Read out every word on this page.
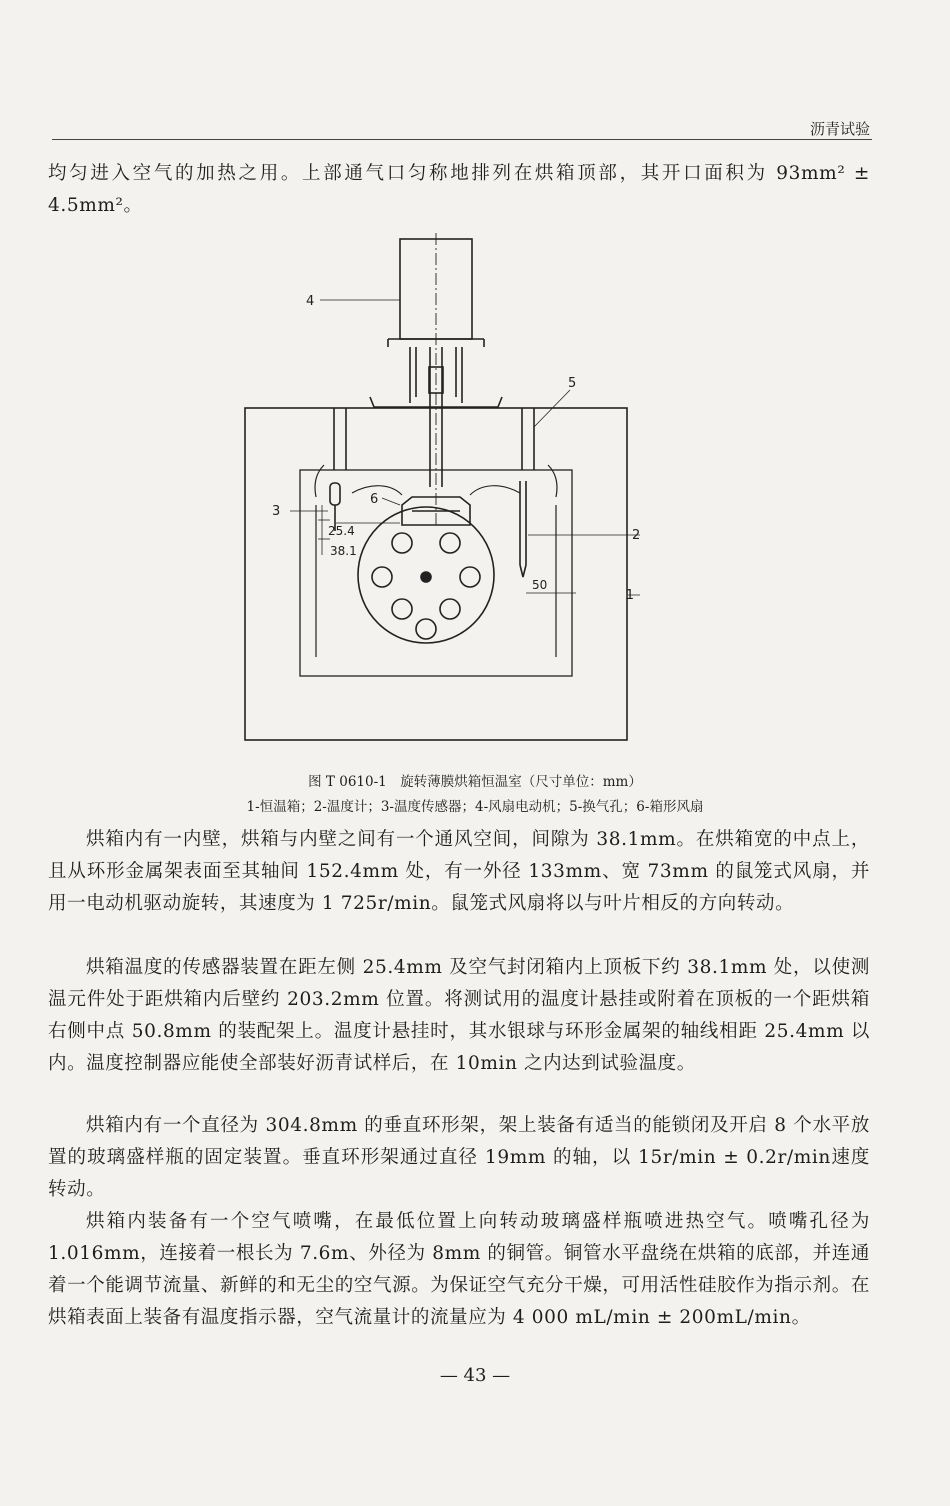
沥青试验

均匀进入空气的加热之用。上部通气口匀称地排列在烘箱顶部，其开口面积为 93mm² ± 4.5mm²。

4
5
3
6
2
1
25.4
38.1
50

图 T 0610-1　旋转薄膜烘箱恒温室（尺寸单位：mm）

1-恒温箱；2-温度计；3-温度传感器；4-风扇电动机；5-换气孔；6-箱形风扇

烘箱内有一内壁，烘箱与内壁之间有一个通风空间，间隙为 38.1mm。在烘箱宽的中点上，且从环形金属架表面至其轴间 152.4mm 处，有一外径 133mm、宽 73mm 的鼠笼式风扇，并用一电动机驱动旋转，其速度为 1 725r/min。鼠笼式风扇将以与叶片相反的方向转动。

烘箱温度的传感器装置在距左侧 25.4mm 及空气封闭箱内上顶板下约 38.1mm 处，以使测温元件处于距烘箱内后壁约 203.2mm 位置。将测试用的温度计悬挂或附着在顶板的一个距烘箱右侧中点 50.8mm 的装配架上。温度计悬挂时，其水银球与环形金属架的轴线相距 25.4mm 以内。温度控制器应能使全部装好沥青试样后，在 10min 之内达到试验温度。

烘箱内有一个直径为 304.8mm 的垂直环形架，架上装备有适当的能锁闭及开启 8 个水平放置的玻璃盛样瓶的固定装置。垂直环形架通过直径 19mm 的轴，以 15r/min ± 0.2r/min速度转动。

烘箱内装备有一个空气喷嘴，在最低位置上向转动玻璃盛样瓶喷进热空气。喷嘴孔径为 1.016mm，连接着一根长为 7.6m、外径为 8mm 的铜管。铜管水平盘绕在烘箱的底部，并连通着一个能调节流量、新鲜的和无尘的空气源。为保证空气充分干燥，可用活性硅胶作为指示剂。在烘箱表面上装备有温度指示器，空气流量计的流量应为 4 000 mL/min ± 200mL/min。

— 43 —
